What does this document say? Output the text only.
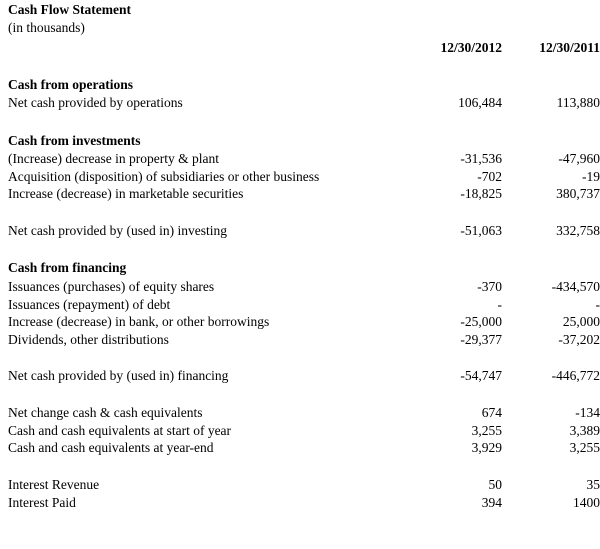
Cash Flow Statement
(in thousands)
12/30/2012	12/30/2011
Cash from operations
Net cash provided by operations	106,484	113,880
Cash from investments
(Increase) decrease in property & plant	-31,536	-47,960
Acquisition (disposition) of subsidiaries or other business	-702	-19
Increase (decrease) in marketable securities	-18,825	380,737
Net cash provided by (used in) investing	-51,063	332,758
Cash from financing
Issuances (purchases) of equity shares	-370	-434,570
Issuances (repayment) of debt	-	-
Increase (decrease) in bank, or other borrowings	-25,000	25,000
Dividends, other distributions	-29,377	-37,202
Net cash provided by (used in) financing	-54,747	-446,772
Net change cash & cash equivalents	674	-134
Cash and cash equivalents at start of year	3,255	3,389
Cash and cash equivalents at year-end	3,929	3,255
Interest Revenue	50	35
Interest Paid	394	1400
